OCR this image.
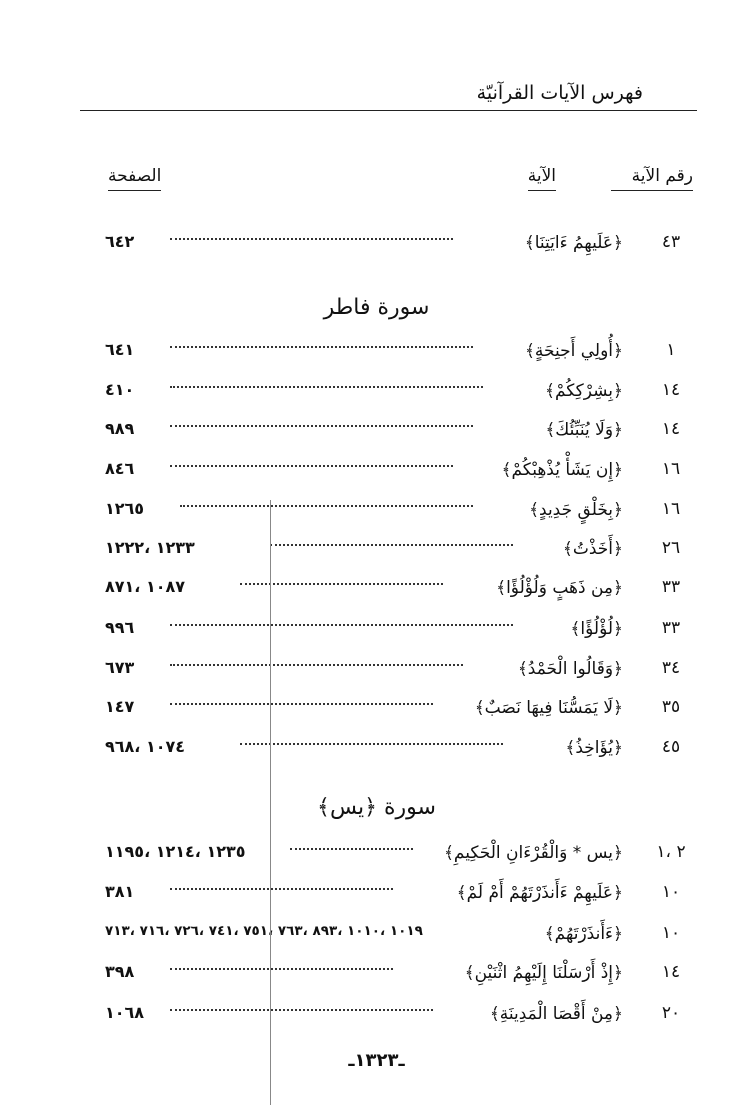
فهرس الآيات القرآنيّة
رقم الآية
الآية
الصفحة
٤٣
﴿عَلَيهِمُ ءَايَتِنَا﴾
٦٤٢
سورة فاطر
١
﴿أُولِي أَجنِحَةٍ﴾
٦٤١
١٤
﴿بِشِرْكِكُمْ﴾
٤١٠
١٤
﴿وَلَا يُنَبِّئُكَ﴾
٩٨٩
١٦
﴿إِن يَشَأْ يُذْهِبْكُمْ﴾
٨٤٦
١٦
﴿بِخَلْقٍ جَدِيدٍ﴾
١٢٦٥
٢٦
﴿أَخَذْتُ﴾
١٢٣٣ ،١٢٢٢
٣٣
﴿مِن ذَهَبٍ وَلُؤْلُؤًا﴾
١٠٨٧ ،٨٧١
٣٣
﴿لُؤْلُؤًا﴾
٩٩٦
٣٤
﴿وَقَالُوا الْحَمْدُ﴾
٦٧٣
٣٥
﴿لَا يَمَسُّنَا فِيهَا نَصَبٌ﴾
١٤٧
٤٥
﴿يُؤَاخِذُ﴾
١٠٧٤ ،٩٦٨
سورة ﴿يس﴾
٢ ،١
﴿يس * وَالْقُرْءَانِ الْحَكِيمِ﴾
١٢٣٥ ،١٢١٤ ،١١٩٥
١٠
﴿عَلَيهِمْ ءَأَنذَرْتَهُمْ أَمْ لَمْ﴾
٣٨١
١٠
﴿ءَأَنذَرْتَهُمْ﴾
١٠١٩ ،١٠١٠ ،٨٩٣ ،٧٦٣ ،٧٥١ ،٧٤١ ،٧٢٦ ،٧١٦ ،٧١٣
١٤
﴿إِذْ أَرْسَلْنَا إِلَيْهِمُ اثْنَيْنِ﴾
٣٩٨
٢٠
﴿مِنْ أَقْصَا الْمَدِينَةِ﴾
١٠٦٨
ـ١٣٢٣ـ
